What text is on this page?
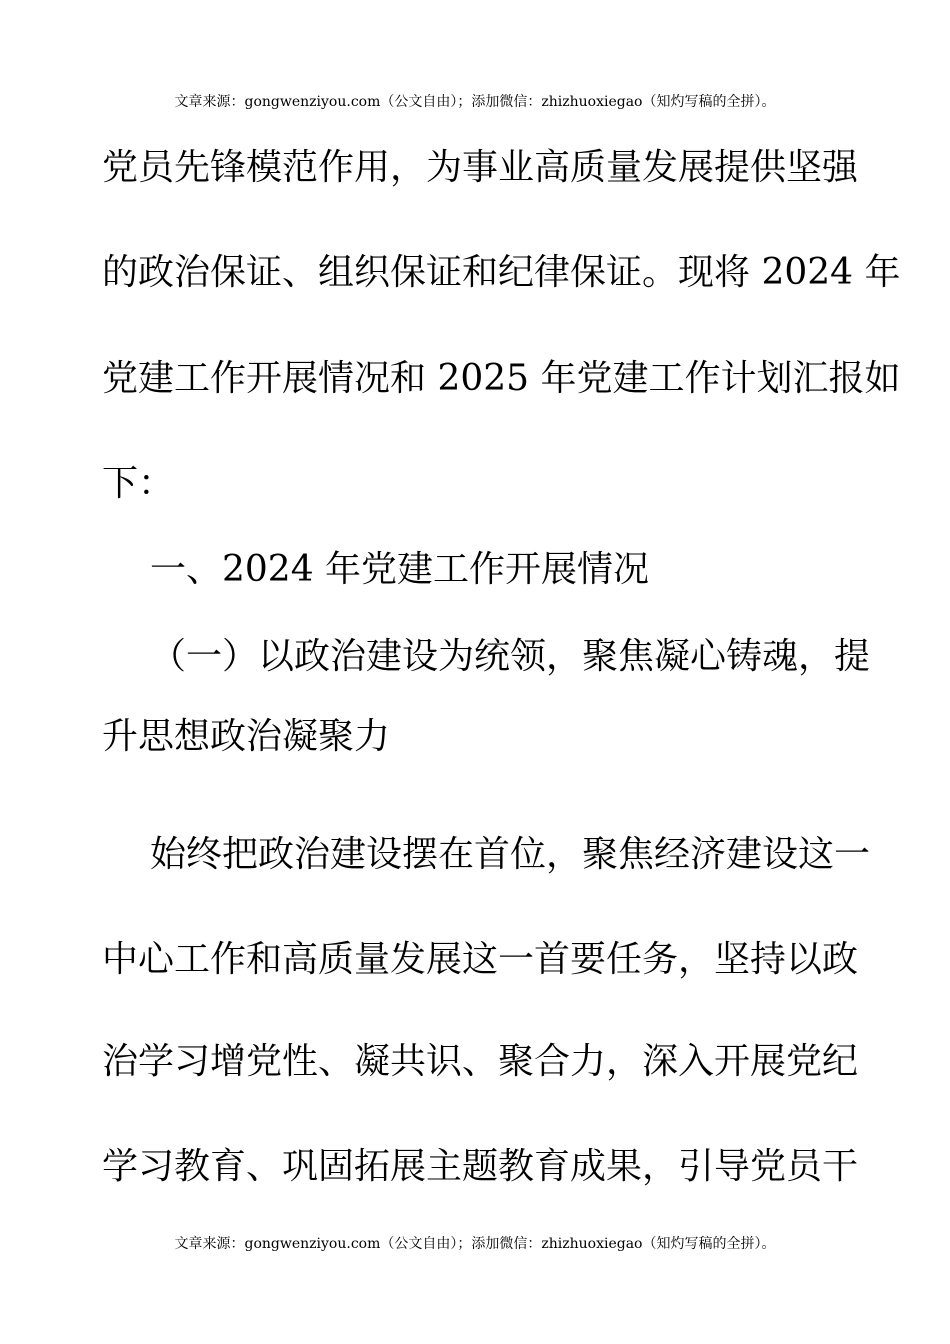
文章来源：gongwenziyou.com（公文自由）；添加微信：zhizhuoxiegao（知灼写稿的全拼）。
党员先锋模范作用，为事业高质量发展提供坚强
的政治保证、组织保证和纪律保证。现将 2024 年
党建工作开展情况和 2025 年党建工作计划汇报如
下：
一、2024 年党建工作开展情况
（一）以政治建设为统领，聚焦凝心铸魂，提
升思想政治凝聚力
始终把政治建设摆在首位，聚焦经济建设这一
中心工作和高质量发展这一首要任务，坚持以政
治学习增党性、凝共识、聚合力，深入开展党纪
学习教育、巩固拓展主题教育成果，引导党员干
文章来源：gongwenziyou.com（公文自由）；添加微信：zhizhuoxiegao（知灼写稿的全拼）。
